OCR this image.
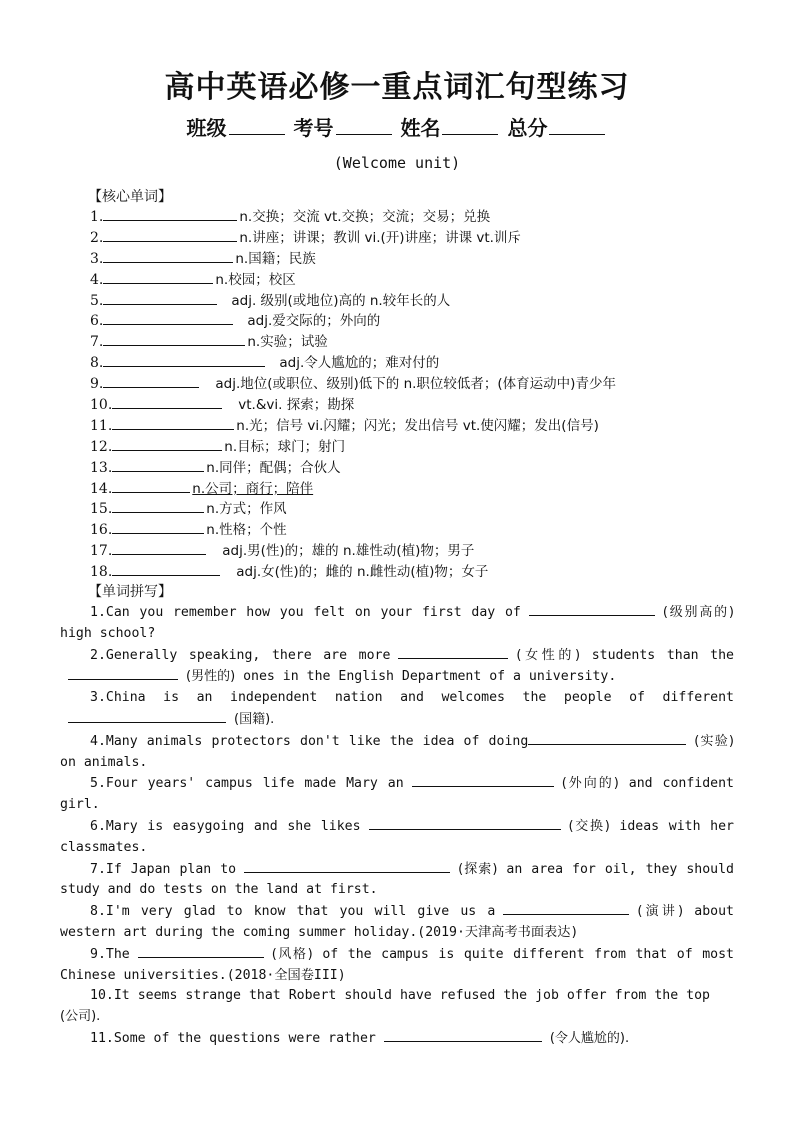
高中英语必修一重点词汇句型练习
班级	考号	姓名	总分
(Welcome unit)
【核心单词】
1.	n.交换；交流 vt.交换；交流；交易；兑换
2.	n.讲座；讲课；教训 vi.(开)讲座；讲课 vt.训斥
3.	n.国籍；民族
4.	n.校园；校区
5.	adj. 级别(或地位)高的 n.较年长的人
6.	adj.爱交际的；外向的
7.	n.实验；试验
8.	adj.令人尴尬的；难对付的
9.	adj.地位(或职位、级别)低下的 n.职位较低者；(体育运动中)青少年
10.	vt.&vi. 探索；勘探
11.	n.光；信号 vi.闪耀；闪光；发出信号 vt.使闪耀；发出(信号)
12.	n.目标；球门；射门
13.	n.同伴；配偶；合伙人
14.	n.公司；商行；陪伴
15.	n.方式；作风
16.	n.性格；个性
17.	adj.男(性)的；雄的 n.雄性动(植)物；男子
18.	adj.女(性)的；雌的 n.雌性动(植)物；女子
【单词拼写】
1.Can you remember how you felt on your first day of	(级别高的) high school?
2.Generally speaking, there are more	(女性的) students than the(男性的) ones in the English Department of a university.
3.China is an independent nation and welcomes the people of different(国籍).
4.Many animals protectors don't like the idea of doing	(实验) on animals.
5.Four years' campus life made Mary an	(外向的) and confident girl.
6.Mary is easygoing and she likes	(交换) ideas with her classmates.
7.If Japan plan to	(探索) an area for oil, they should study and do tests on the land at first.
8.I'm very glad to know that you will give us a	(演讲) about western art during the coming summer holiday.(2019·天津高考书面表达)
9.The	(风格) of the campus is quite different from that of most Chinese universities.(2018·全国卷III)
10.It seems strange that Robert should have refused the job offer from the top(公司).
11.Some of the questions were rather	(令人尴尬的).
